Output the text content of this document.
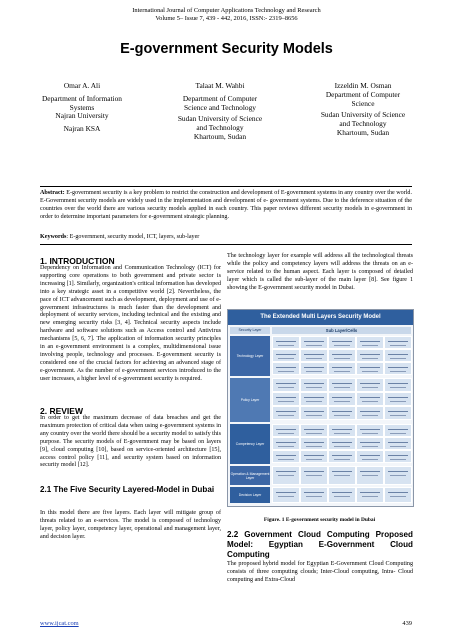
International Journal of Computer Applications Technology and Research
Volume 5– Issue 7, 439 - 442, 2016, ISSN:- 2319–8656
E-government Security Models
Omar A. Ali
Department of Information
Systems
Najran University
Najran KSA
Talaat M. Wahbi
Department of Computer
Science and Technology
Sudan University of Science
and Technology
Khartoum, Sudan
Izzeldin M. Osman
Department of Computer
Science
Sudan University of Science
and Technology
Khartoum, Sudan
Abstract: E-government security is a key problem to restrict the construction and development of E-government systems in any country over the world. E-Government security models are widely used in the implementation and development of e- government systems. Due to the deference situation of the countries over the world there are various security models applied in each country. This paper reviews different security models in e-government in order to determine important parameters for e-government strategic planning.
Keywords: E-government, security model, ICT, layers, sub-layer
1. INTRODUCTION
Dependency on Information and Communication Technology (ICT) for supporting core operations to both government and private sector is increasing [1]. Similarly, organization's critical information has developed into a key strategic asset in a competitive world [2]. Nevertheless, the pace of ICT advancement such as development, deployment and use of e-government infrastructures is much faster than the development and deployment of security services, including technical and the existing and new emerging security risks [3, 4]. Technical security aspects include hardware and software solutions such as Access control and Antivirus mechanisms [5, 6, 7]. The application of information security principles in an e-government environment is a complex, multidimensional issue involving people, technology and processes. E-government security is considered one of the crucial factors for achieving an advanced stage of e-government. As the number of e-government services introduced to the user increases, a higher level of e-government security is required.
2. REVIEW
In order to get the maximum decrease of data breaches and get the maximum protection of critical data when using e-government systems in any country over the world there should be a security model to satisfy this purpose. The security models of E-government may be based on layers [9], cloud computing [10], based on service-oriented architecture [15], access control policy [11], and security system based on information security model [12].
2.1 The Five Security Layered-Model in Dubai
In this model there are five layers. Each layer will mitigate group of threats related to an e-services. The model is composed of technology layer, policy layer, competency layer, operational and management layer, and decision layer.
The technology layer for example will address all the technological threats while the policy and competency layers will address the threats on an e- service related to the human aspect. Each layer is composed of detailed layer which is called the sub-layer of the main layer [8]. See figure 1 showing the E-government security model in Dubai.
The Extended Multi Layers Security Model
Security Layer	Sub Layer/Cells
Technology Layer
Policy Layer
Competency Layer
Operation & Management Layer
Decision Layer
Figure. 1 E-government security model in Dubai
2.2 Government Cloud Computing Proposed Model: Egyptian E-Government Cloud Computing
The proposed hybrid model for Egyptian E-Government Cloud Computing consists of three computing clouds; Inter-Cloud computing, Intra- Cloud computing and Extra-Cloud
www.ijcat.com	439
